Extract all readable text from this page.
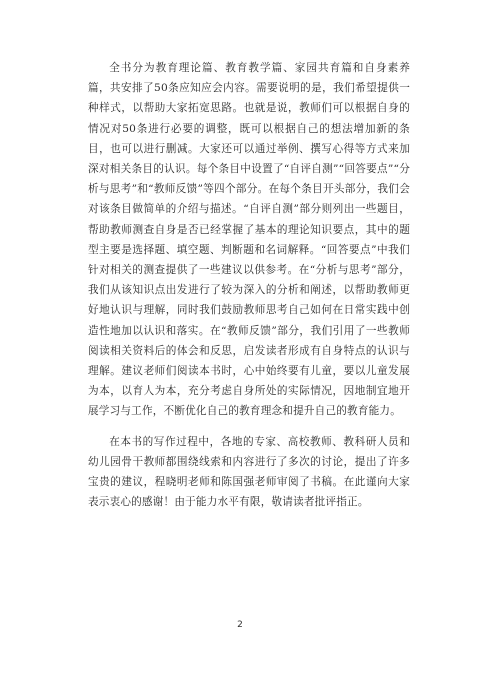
全书分为教育理论篇、教育教学篇、家园共育篇和自身素养篇，共安排了50条应知应会内容。需要说明的是，我们希望提供一种样式，以帮助大家拓宽思路。也就是说，教师们可以根据自身的情况对50条进行必要的调整，既可以根据自己的想法增加新的条目，也可以进行删减。大家还可以通过举例、撰写心得等方式来加深对相关条目的认识。每个条目中设置了“自评自测”“回答要点”“分析与思考”和“教师反馈”等四个部分。在每个条目开头部分，我们会对该条目做简单的介绍与描述。“自评自测”部分则列出一些题目，帮助教师测查自身是否已经掌握了基本的理论知识要点，其中的题型主要是选择题、填空题、判断题和名词解释。“回答要点”中我们针对相关的测查提供了一些建议以供参考。在“分析与思考”部分，我们从该知识点出发进行了较为深入的分析和阐述，以帮助教师更好地认识与理解，同时我们鼓励教师思考自己如何在日常实践中创造性地加以认识和落实。在“教师反馈”部分，我们引用了一些教师阅读相关资料后的体会和反思，启发读者形成有自身特点的认识与理解。建议老师们阅读本书时，心中始终要有儿童，要以儿童发展为本，以育人为本，充分考虑自身所处的实际情况，因地制宜地开展学习与工作，不断优化自己的教育理念和提升自己的教育能力。

在本书的写作过程中，各地的专家、高校教师、教科研人员和幼儿园骨干教师都围绕线索和内容进行了多次的讨论，提出了许多宝贵的建议，程晓明老师和陈国强老师审阅了书稿。在此谨向大家表示衷心的感谢！由于能力水平有限，敬请读者批评指正。

2
